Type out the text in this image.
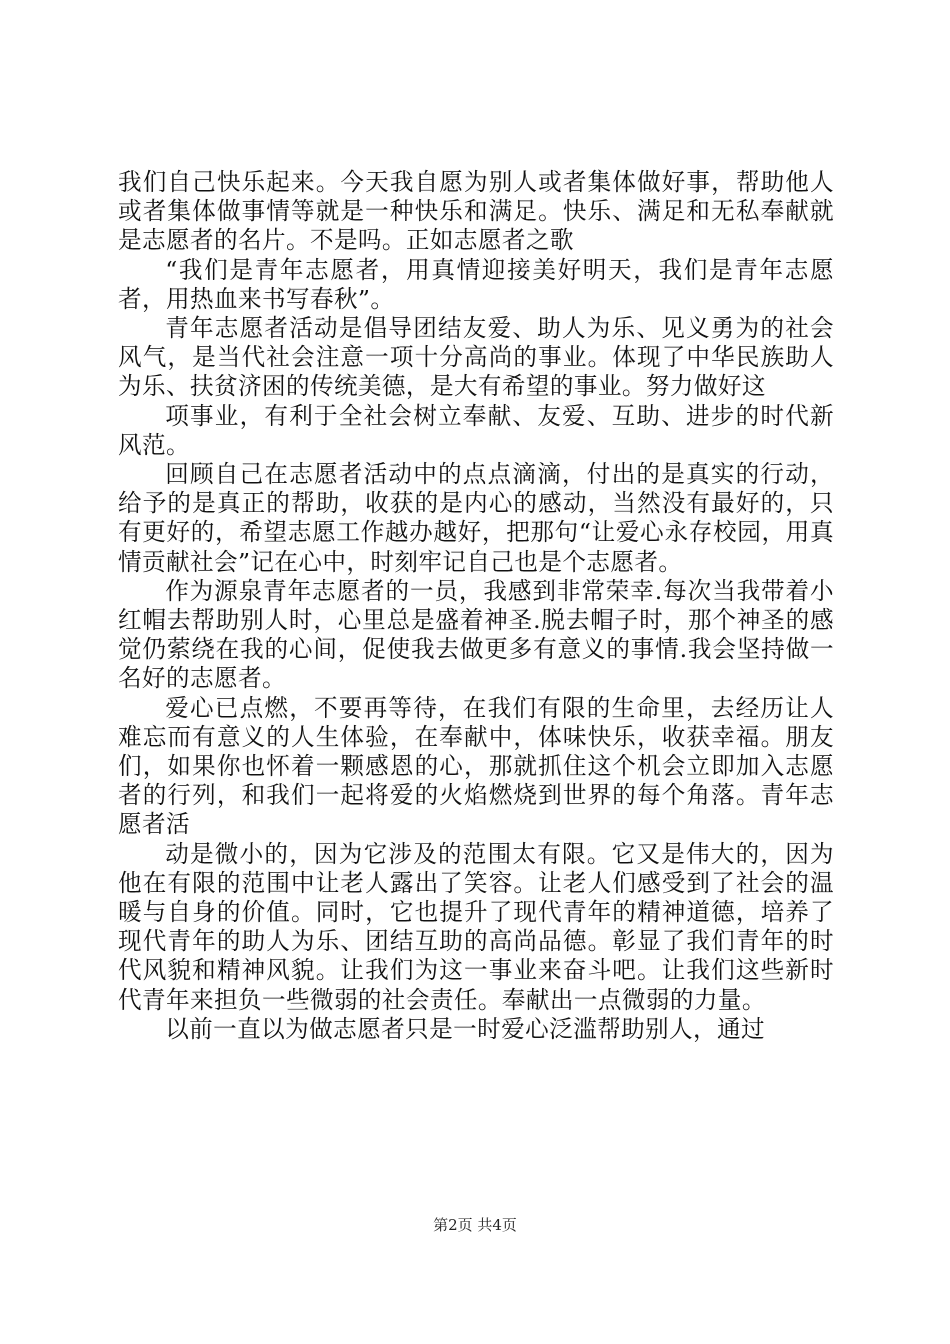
我们自己快乐起来。今天我自愿为别人或者集体做好事，帮助他人或者集体做事情等就是一种快乐和满足。快乐、满足和无私奉献就是志愿者的名片。不是吗。正如志愿者之歌

“我们是青年志愿者，用真情迎接美好明天，我们是青年志愿者，用热血来书写春秋”。

青年志愿者活动是倡导团结友爱、助人为乐、见义勇为的社会风气，是当代社会注意一项十分高尚的事业。体现了中华民族助人为乐、扶贫济困的传统美德，是大有希望的事业。努力做好这

项事业，有利于全社会树立奉献、友爱、互助、进步的时代新风范。

回顾自己在志愿者活动中的点点滴滴，付出的是真实的行动，给予的是真正的帮助，收获的是内心的感动，当然没有最好的，只有更好的，希望志愿工作越办越好，把那句“让爱心永存校园，用真情贡献社会”记在心中，时刻牢记自己也是个志愿者。

作为源泉青年志愿者的一员，我感到非常荣幸.每次当我带着小红帽去帮助别人时，心里总是盛着神圣.脱去帽子时，那个神圣的感觉仍萦绕在我的心间，促使我去做更多有意义的事情.我会坚持做一名好的志愿者。

爱心已点燃，不要再等待，在我们有限的生命里，去经历让人难忘而有意义的人生体验，在奉献中，体味快乐，收获幸福。朋友们，如果你也怀着一颗感恩的心，那就抓住这个机会立即加入志愿者的行列，和我们一起将爱的火焰燃烧到世界的每个角落。青年志愿者活

动是微小的，因为它涉及的范围太有限。它又是伟大的，因为他在有限的范围中让老人露出了笑容。让老人们感受到了社会的温暖与自身的价值。同时，它也提升了现代青年的精神道德，培养了现代青年的助人为乐、团结互助的高尚品德。彰显了我们青年的时代风貌和精神风貌。让我们为这一事业来奋斗吧。让我们这些新时代青年来担负一些微弱的社会责任。奉献出一点微弱的力量。

以前一直以为做志愿者只是一时爱心泛滥帮助别人，通过

第2页 共4页
